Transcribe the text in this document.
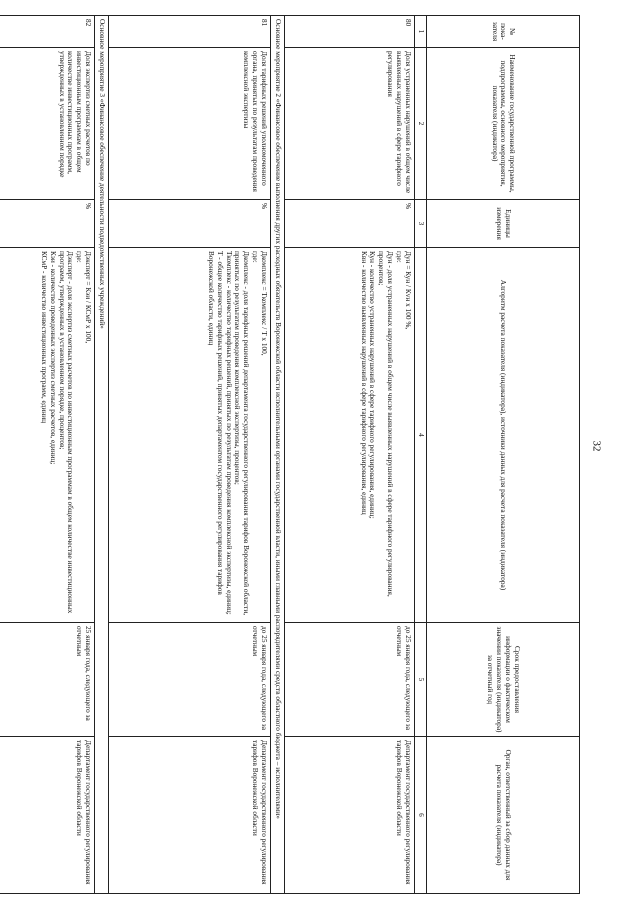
32
№ пока-зателя	Наименование государственной программы, подпрограммы, основного мероприятия, показателя (индикатора)	Единицы измерения	Алгоритм расчета показателя (индикатора), источники данных для расчета показателя (индикатора)	Срок предоставления информации о фактическом значении показателя (индикатора) за отчетный год	Орган, ответственный за сбор данных для расчета показателя (индикатора)
1	2	3	4	5	6
80	Доля устраненных нарушений в общем числе выявленных нарушений в сфере тарифного регулирования	%	Дун = Кун / Кvн х 100 %,
где:
Дун - доля устраненных нарушений в общем числе выявленных нарушений в сфере тарифного регулирования, процентов;
Кун - количество устраненных нарушений в сфере тарифного регулирования, единиц;
Квн - количество выявленных нарушений в сфере тарифного регулирования, единиц	до 25 января года, следующего за отчетным	Департамент государственного регулирования тарифов Воронежской области
Основное мероприятие 2 «Финансовое обеспечение выполнения других расходных обязательств Воронежской области исполнительными органами государственной власти, иными главными распорядителями средств областного бюджета – исполнителями»					
81	Доля тарифных решений уполномоченного органа, принятых по результатам проведения комплексной экспертизы	%	Дкомплекс = Ткомплекс / Т х 100,
где:
Дкомплекс - доля тарифных решений департамента государственного регулирования тарифов Воронежской области, принятых по результатам проведения комплексной экспертизы, процентов;
Ткомплекс - количество тарифных решений, принятых по результатам проведения комплексной экспертизы, единиц;
Т - общее количество тарифных решений, принятых департаментом государственного регулирования тарифов Воронежской области, единиц	до 25 января года, следующего за отчетным	Департамент государственного регулирования тарифов Воронежской области
Основное мероприятие 3 «Финансовое обеспечение деятельности подведомственных учреждений»					
82	Доля экспертиз сметных расчетов по инвестиционным программам в общем количестве инвестиционных программ, утвержденных в установленном порядке	%	Дэксперт = Кэи / КСмР х 100,
где:
Дэксперт - доля экспертиз сметных расчетов по инвестиционным программам в общем количестве инвестиционных программ, утвержденных в установленном порядке, процентов;
Кэи - количество проведенных экспертиз сметных расчетов, единиц;
КСмР - количество инвестиционных программ, единиц	25 января года, следующего за отчетным	Департамент государственного регулирования тарифов Воронежской области
